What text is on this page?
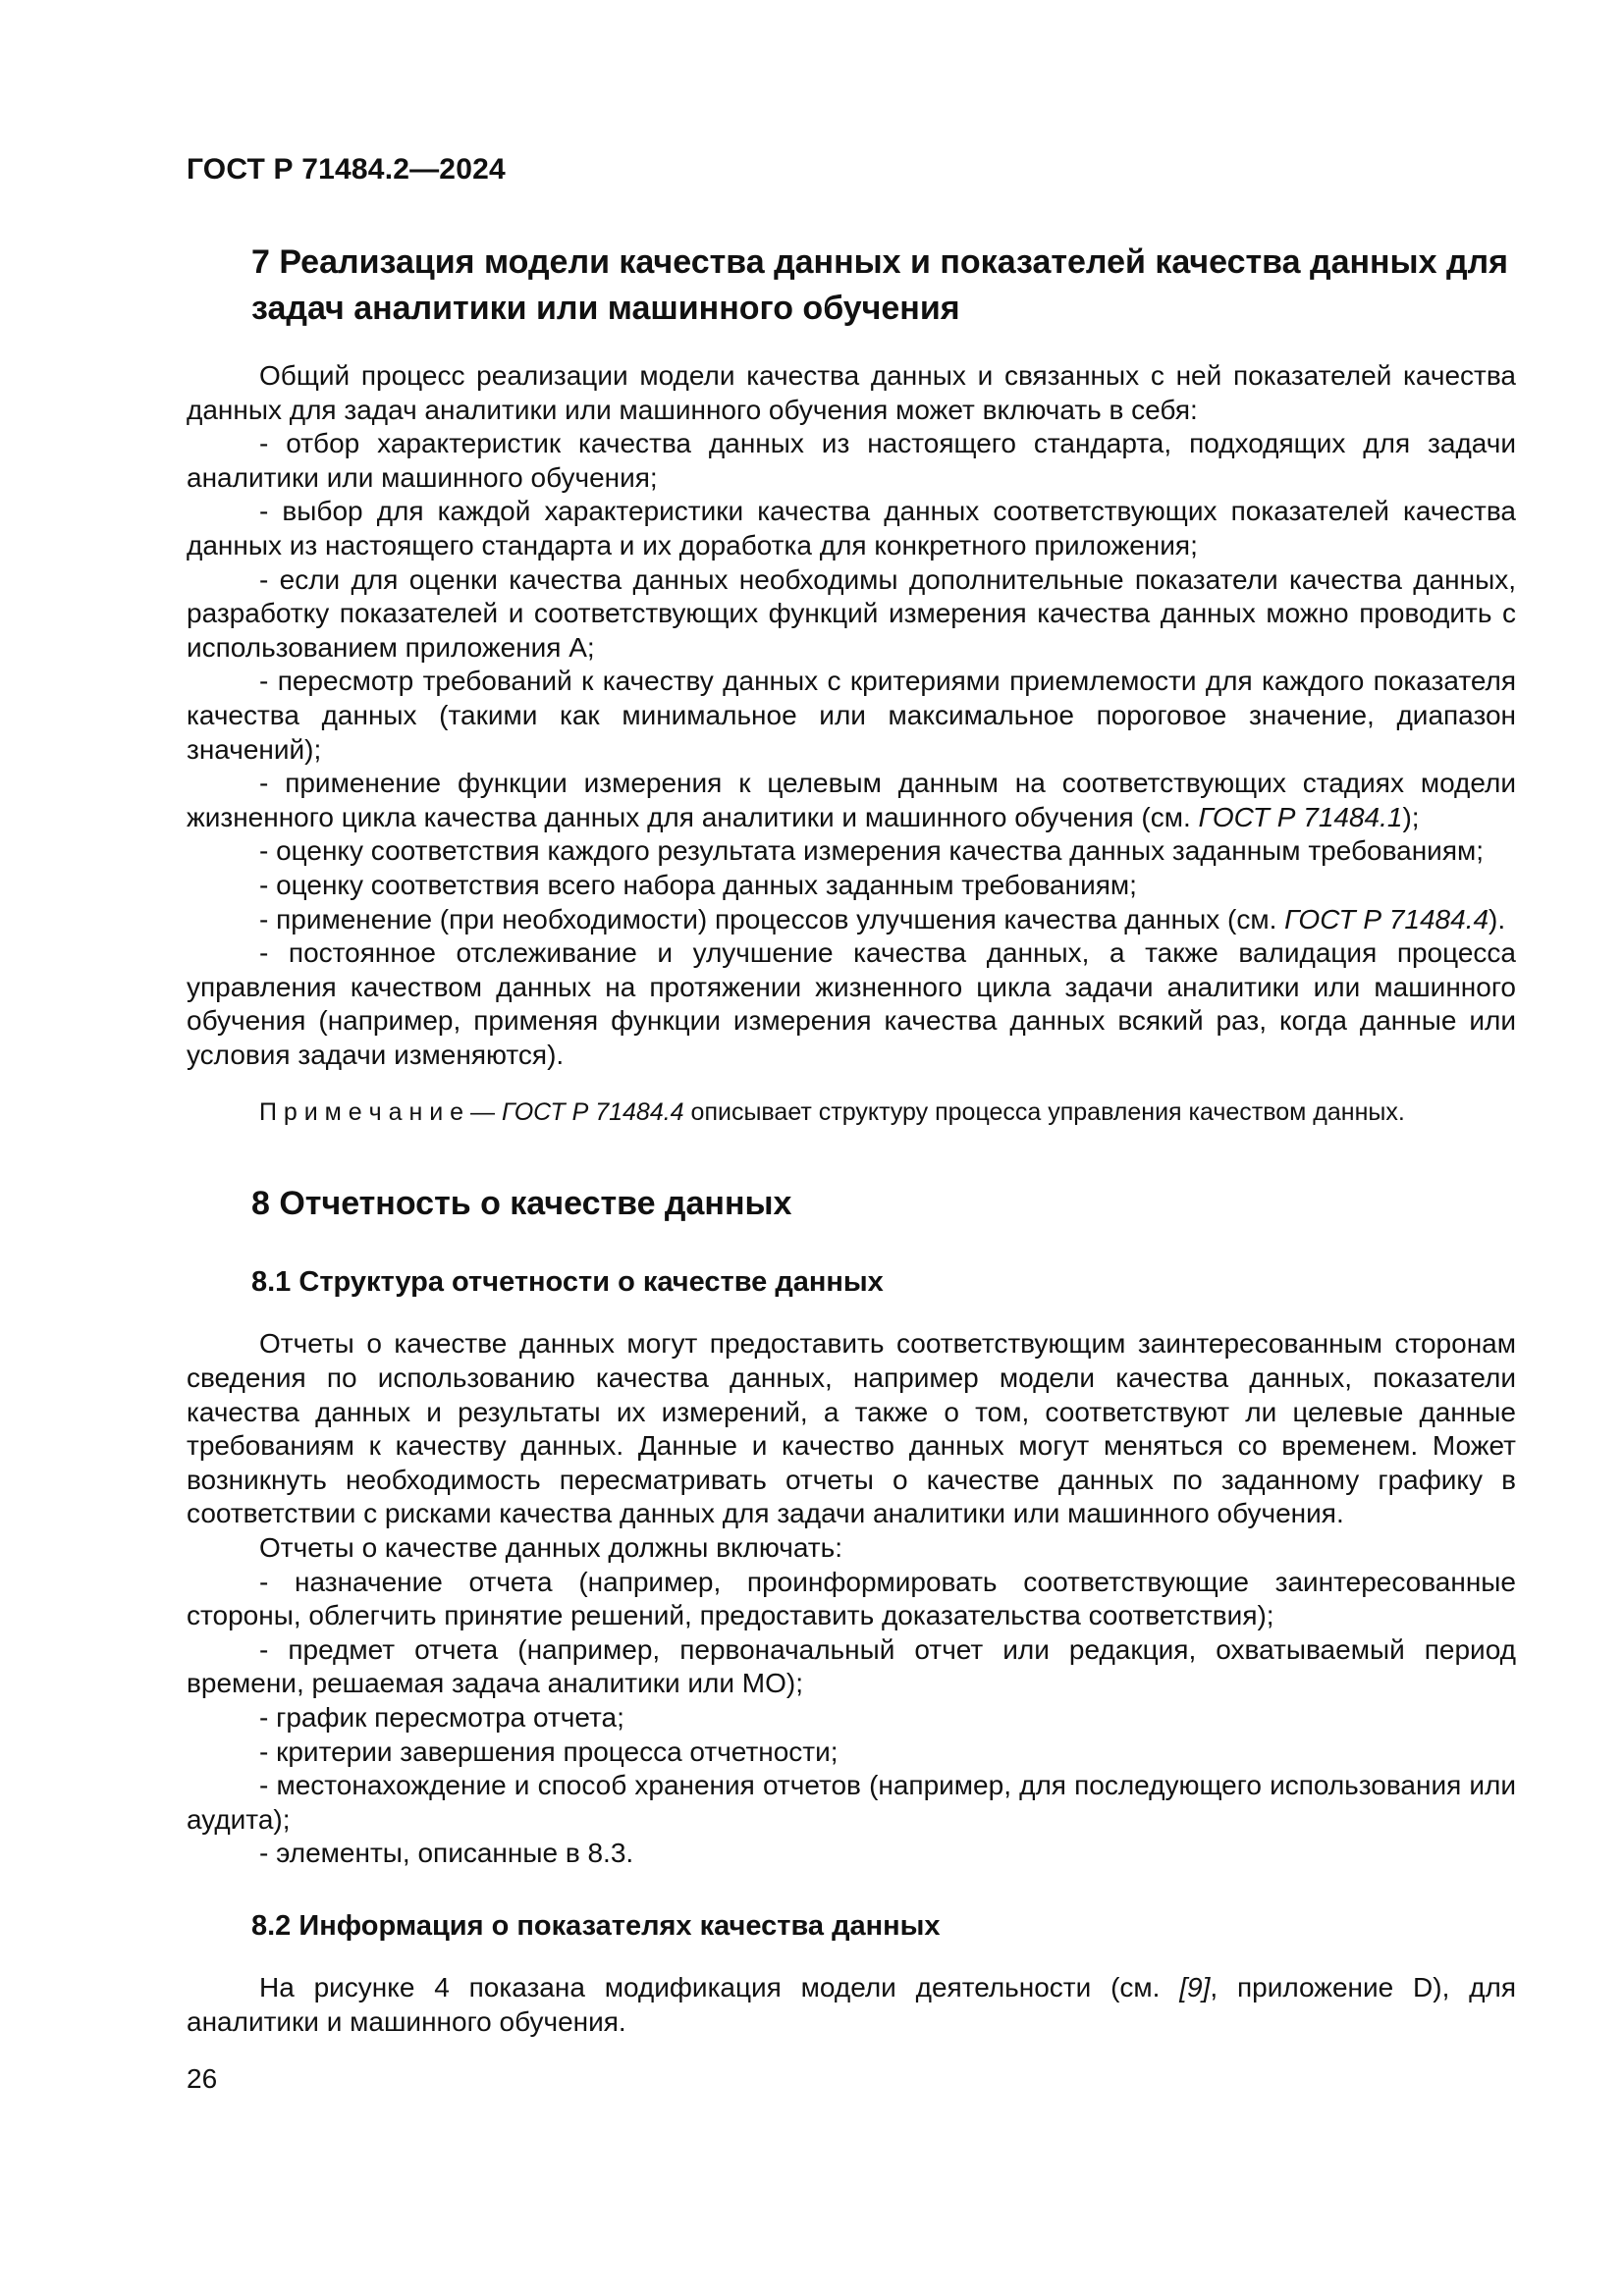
ГОСТ Р 71484.2—2024
7 Реализация модели качества данных и показателей качества данных для задач аналитики или машинного обучения

Общий процесс реализации модели качества данных и связанных с ней показателей качества данных для задач аналитики или машинного обучения может включать в себя:

- отбор характеристик качества данных из настоящего стандарта, подходящих для задачи аналитики или машинного обучения;

- выбор для каждой характеристики качества данных соответствующих показателей качества данных из настоящего стандарта и их доработка для конкретного приложения;

- если для оценки качества данных необходимы дополнительные показатели качества данных, разработку показателей и соответствующих функций измерения качества данных можно проводить с использованием приложения А;

- пересмотр требований к качеству данных с критериями приемлемости для каждого показателя качества данных (такими как минимальное или максимальное пороговое значение, диапазон значений);

- применение функции измерения к целевым данным на соответствующих стадиях модели жизненного цикла качества данных для аналитики и машинного обучения (см. ГОСТ Р 71484.1);

- оценку соответствия каждого результата измерения качества данных заданным требованиям;

- оценку соответствия всего набора данных заданным требованиям;

- применение (при необходимости) процессов улучшения качества данных (см. ГОСТ Р 71484.4).

- постоянное отслеживание и улучшение качества данных, а также валидация процесса управления качеством данных на протяжении жизненного цикла задачи аналитики или машинного обучения (например, применяя функции измерения качества данных всякий раз, когда данные или условия задачи изменяются).

П р и м е ч а н и е — ГОСТ Р 71484.4 описывает структуру процесса управления качеством данных.

8 Отчетность о качестве данных
8.1 Структура отчетности о качестве данных

Отчеты о качестве данных могут предоставить соответствующим заинтересованным сторонам сведения по использованию качества данных, например модели качества данных, показатели качества данных и результаты их измерений, а также о том, соответствуют ли целевые данные требованиям к качеству данных. Данные и качество данных могут меняться со временем. Может возникнуть необходимость пересматривать отчеты о качестве данных по заданному графику в соответствии с рисками качества данных для задачи аналитики или машинного обучения.

Отчеты о качестве данных должны включать:

- назначение отчета (например, проинформировать соответствующие заинтересованные стороны, облегчить принятие решений, предоставить доказательства соответствия);

- предмет отчета (например, первоначальный отчет или редакция, охватываемый период времени, решаемая задача аналитики или МО);

- график пересмотра отчета;

- критерии завершения процесса отчетности;

- местонахождение и способ хранения отчетов (например, для последующего использования или аудита);

- элементы, описанные в 8.3.

8.2 Информация о показателях качества данных

На рисунке 4 показана модификация модели деятельности (см. [9], приложение D), для аналитики и машинного обучения.

26
